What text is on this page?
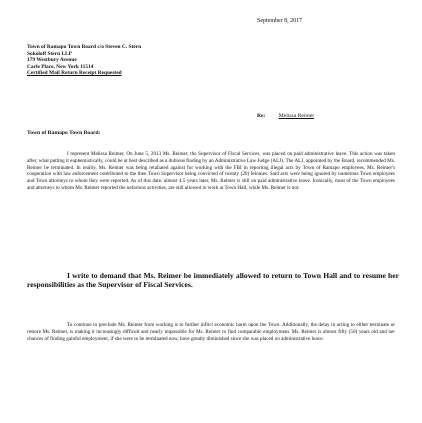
September 8, 2017
Town of Ramapo Town Board c/o Steven C. Stern
Sokoloff Stern LLP
179 Westbury Avenue
Carle Place, New York 11514
Certified Mail Return Receipt Requested
Re: Melissa Reimer
Town of Ramapo Town Board:

I represent Melissa Reimer. On June 5, 2013 Ms. Reimer, the Supervisor of Fiscal Services, was placed on paid administrative leave. This action was taken after, what putting it euphemistically, could be at best described as a dubious finding by an Administrative Law Judge (ALJ). The ALJ, appointed by the Board, recommended Ms. Reimer be terminated. In reality, Ms. Reimer was being retaliated against for working with the FBI in reporting illegal acts by Town of Ramapo employees. Ms. Reimer's cooperation with law enforcement contributed to the then Town Supervisor being convicted of twenty (20) felonies. Said acts were being ignored by numerous Town employees and Town attorneys to whom they were reported. As of this date, almost 4.5 years later, Ms. Reimer is still on paid administrative leave. Ironically, most of the Town employees and attorneys to whom Ms. Reimer reported the nefarious activities, are still allowed to work at Town Hall, while Ms. Reimer is not.

I write to demand that Ms. Reimer be immediately allowed to return to Town Hall and to resume her responsibilities as the Supervisor of Fiscal Services.

To continue to preclude Ms. Reimer from working is to further inflict economic harm upon the Town. Additionally, the delay in acting to either terminate or restore Ms. Reimer, is making it increasingly difficult and nearly impossible for Ms. Reimer to find comparable employment. Ms. Reimer is almost fifty (50) years old and her chances of finding gainful employment, if she were to be terminated now, have greatly diminished since she was placed on administrative leave.
